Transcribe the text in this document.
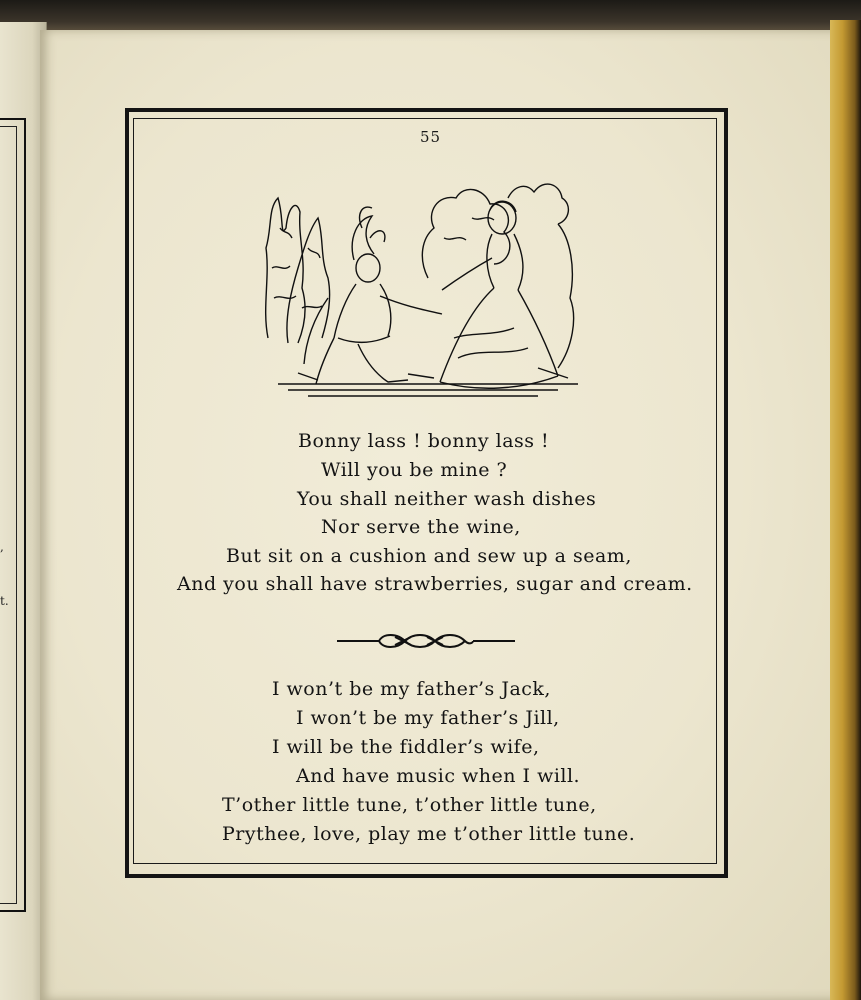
,
t.
55
Bonny lass ! bonny lass !
Will you be mine ?
You shall neither wash dishes
Nor serve the wine,
But sit on a cushion and sew up a seam,
And you shall have strawberries, sugar and cream.
I won’t be my father’s Jack,
I won’t be my father’s Jill,
I will be the fiddler’s wife,
And have music when I will.
T’other little tune, t’other little tune,
Prythee, love, play me t’other little tune.
